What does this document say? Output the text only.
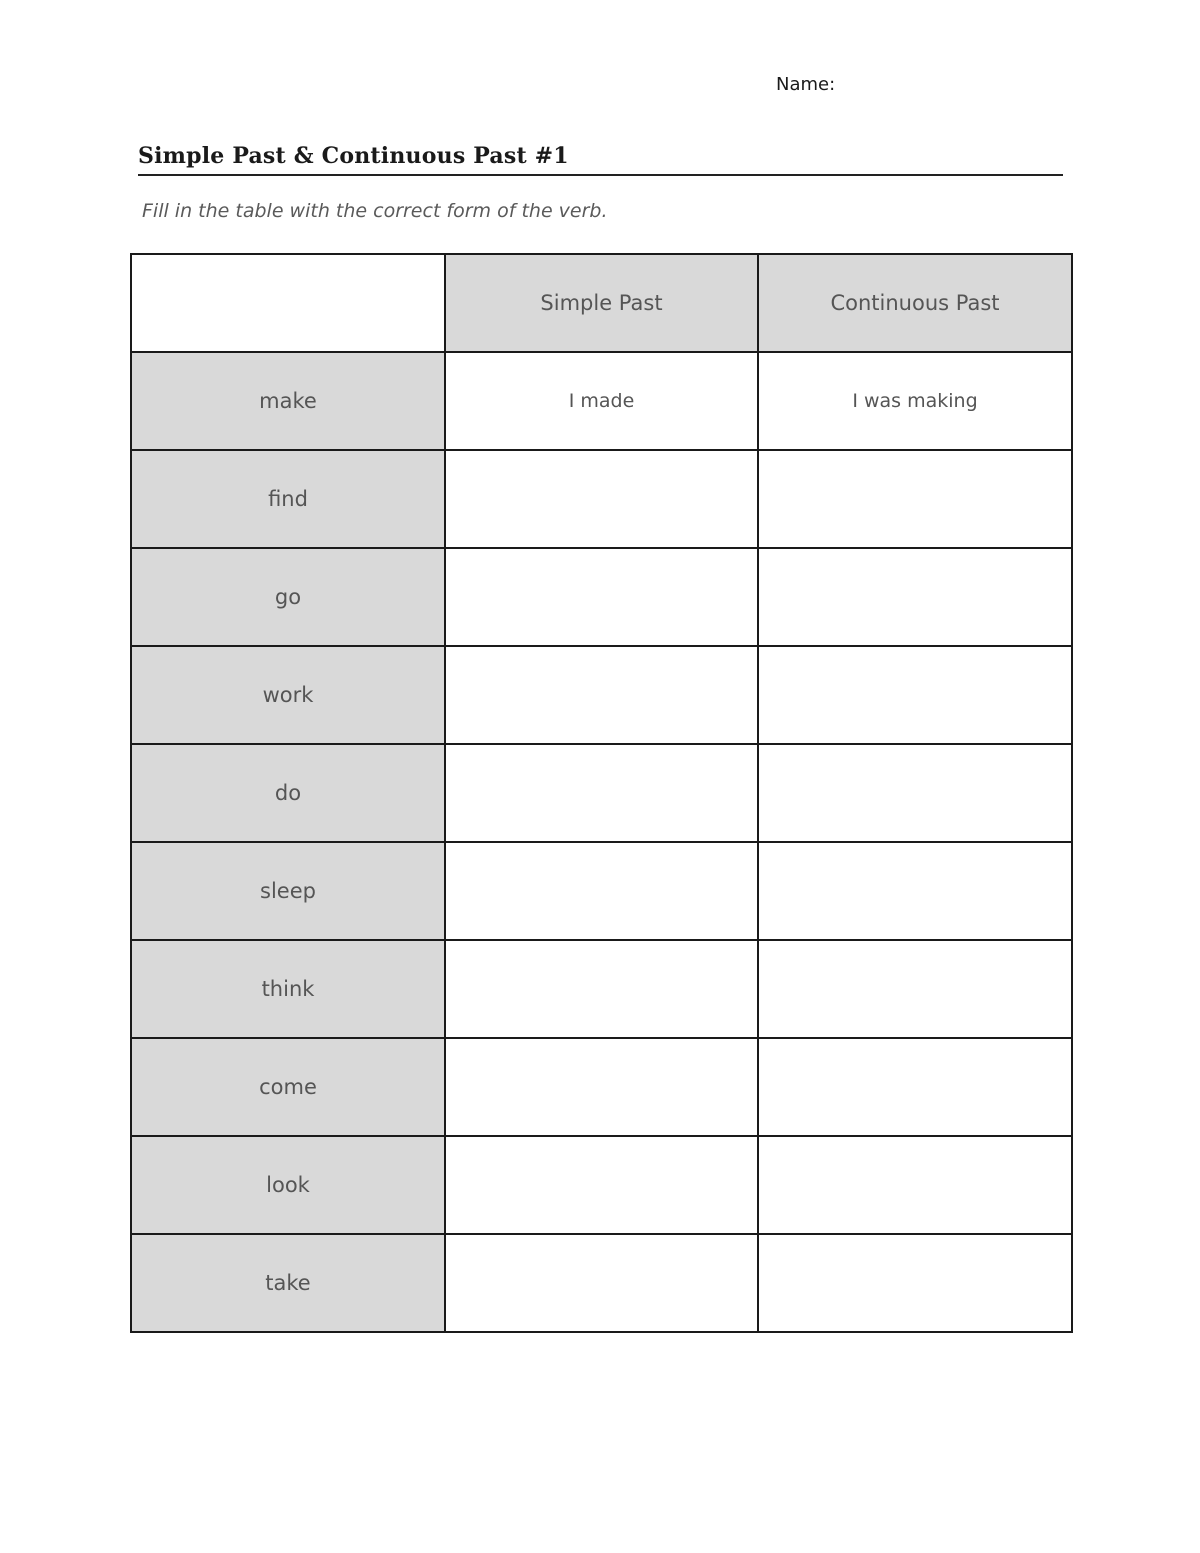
Name:
Simple Past & Continuous Past #1
Fill in the table with the correct form of the verb.
	Simple Past	Continuous Past
make	I made	I was making
find		
go		
work		
do		
sleep		
think		
come		
look		
take		
